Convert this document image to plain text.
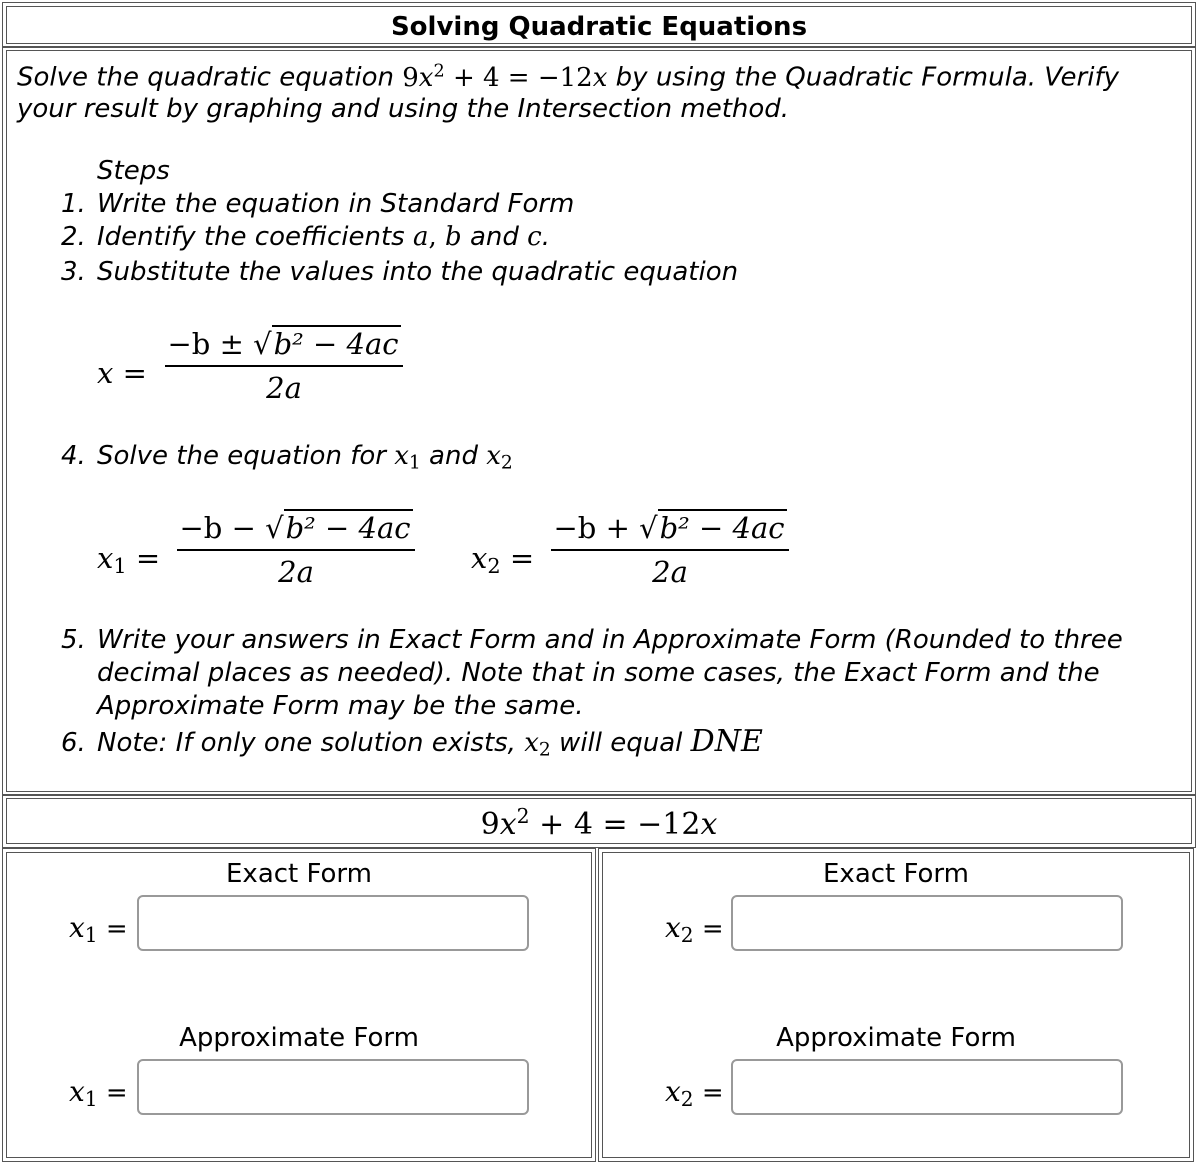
Solving Quadratic Equations
Solve the quadratic equation $9x^2 + 4 = -12x$ by using the Quadratic Formula. Verify
your result by graphing and using the Intersection method.
Steps
1. Write the equation in Standard Form
2. Identify the coefficients a, b and c.
3. Substitute the values into the quadratic equation
x =
−b ± √b² − 4ac
2a
4. Solve the equation for $x_1$ and $x_2$
$x_1$ =
−b − √b² − 4ac
2a	$x_2$ =
−b + √b² − 4ac
2a
5. Write your answers in Exact Form and in Approximate Form (Rounded to three
decimal places as needed). Note that in some cases, the Exact Form and the
Approximate Form may be the same.
6. Note: If only one solution exists, $x_2$ will equal DNE
$9x^2 + 4 = -12x$
Exact Form
$x_1$ =
Approximate Form
$x_1$ =
Exact Form
$x_2$ =
Approximate Form
$x_2$ =
